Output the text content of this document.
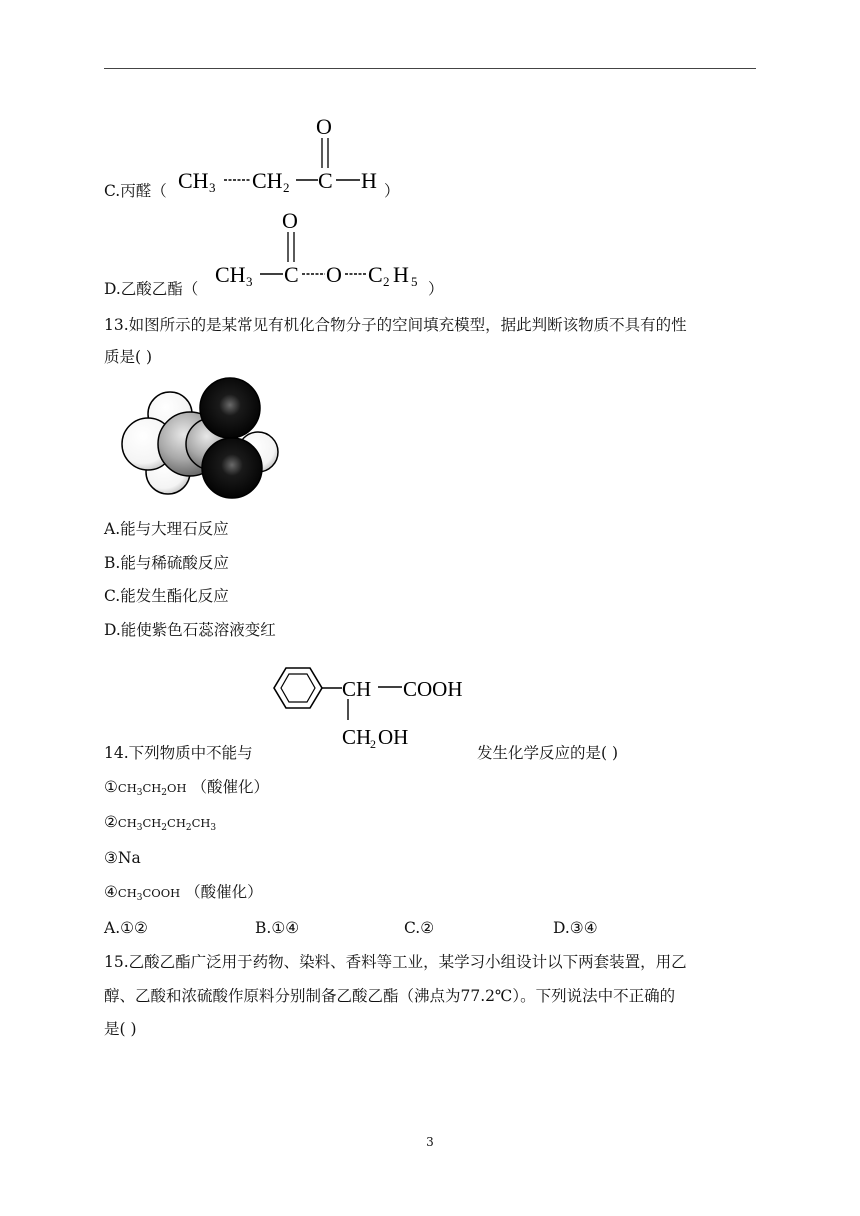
C.丙醛（ CH 3 CH 2 C
O
H ）
D.乙酸乙酯（
CH 3 C
O
O C 2 H 5 ）
13.如图所示的是某常见有机化合物分子的空间填充模型，据此判断该物质不具有的性
质是( )
A.能与大理石反应
B.能与稀硫酸反应
C.能发生酯化反应
D.能使紫色石蕊溶液变红
CH COOH
CH
2 OH
14.下列物质中不能与	发生化学反应的是( )
$①CH_3CH_2OH$ （酸催化）
$②CH_3CH_2CH_2CH_3$
③Na
$④CH_3COOH$ （酸催化）
A.①②	B.①④	C.②	D.③④
15.乙酸乙酯广泛用于药物、染料、香料等工业，某学习小组设计以下两套装置，用乙
醇、乙酸和浓硫酸作原料分别制备乙酸乙酯（沸点为77.2℃）。下列说法中不正确的
是( )
3
